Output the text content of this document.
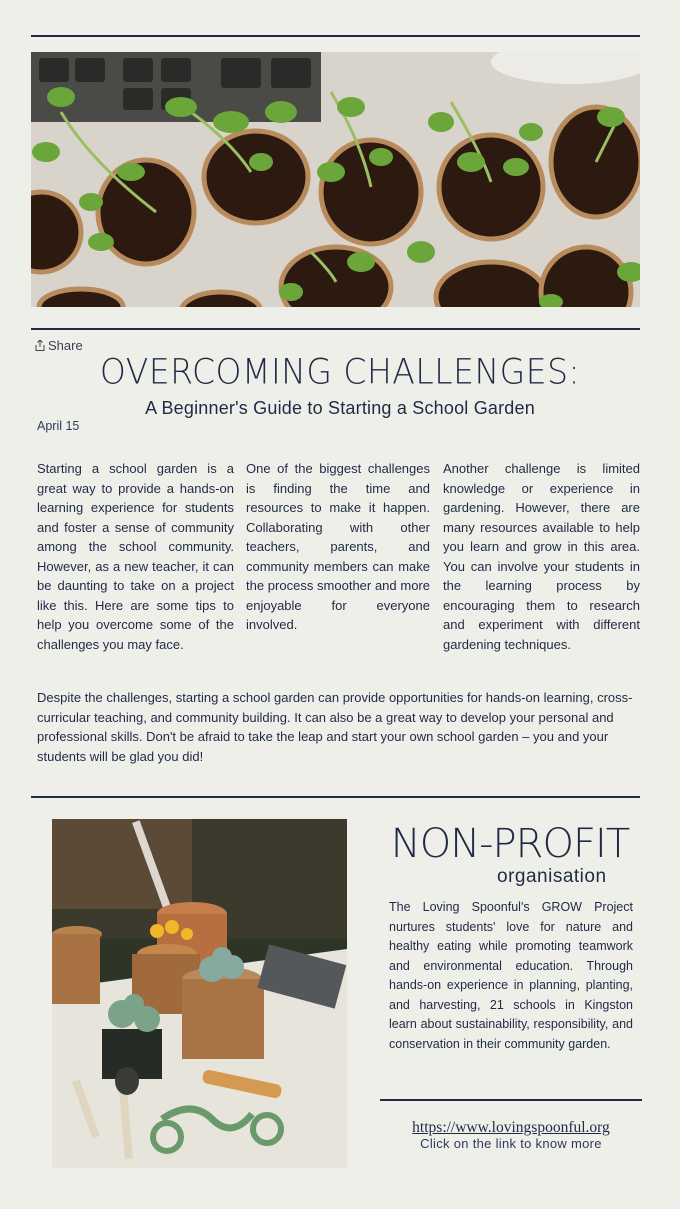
Share
OVERCOMING CHALLENGES:
A Beginner's Guide to Starting a School Garden
April 15
Starting a school garden is a great way to provide a hands-on learning experience for students and foster a sense of community among the school community. However, as a new teacher, it can be daunting to take on a project like this. Here are some tips to help you overcome some of the challenges you may face.
One of the biggest challenges is finding the time and resources to make it happen. Collaborating with other teachers, parents, and community members can make the process smoother and more enjoyable for everyone involved.
Another challenge is limited knowledge or experience in gardening. However, there are many resources available to help you learn and grow in this area. You can involve your students in the learning process by encouraging them to research and experiment with different gardening techniques.
Despite the challenges, starting a school garden can provide opportunities for hands-on learning, cross-curricular teaching, and community building. It can also be a great way to develop your personal and professional skills. Don't be afraid to take the leap and start your own school garden – you and your students will be glad you did!
NON-PROFIT
organisation
The Loving Spoonful's GROW Project nurtures students' love for nature and healthy eating while promoting teamwork and environmental education. Through hands-on experience in planning, planting, and harvesting, 21 schools in Kingston learn about sustainability, responsibility, and conservation in their community garden.
https://www.lovingspoonful.org
Click on the link to know more
